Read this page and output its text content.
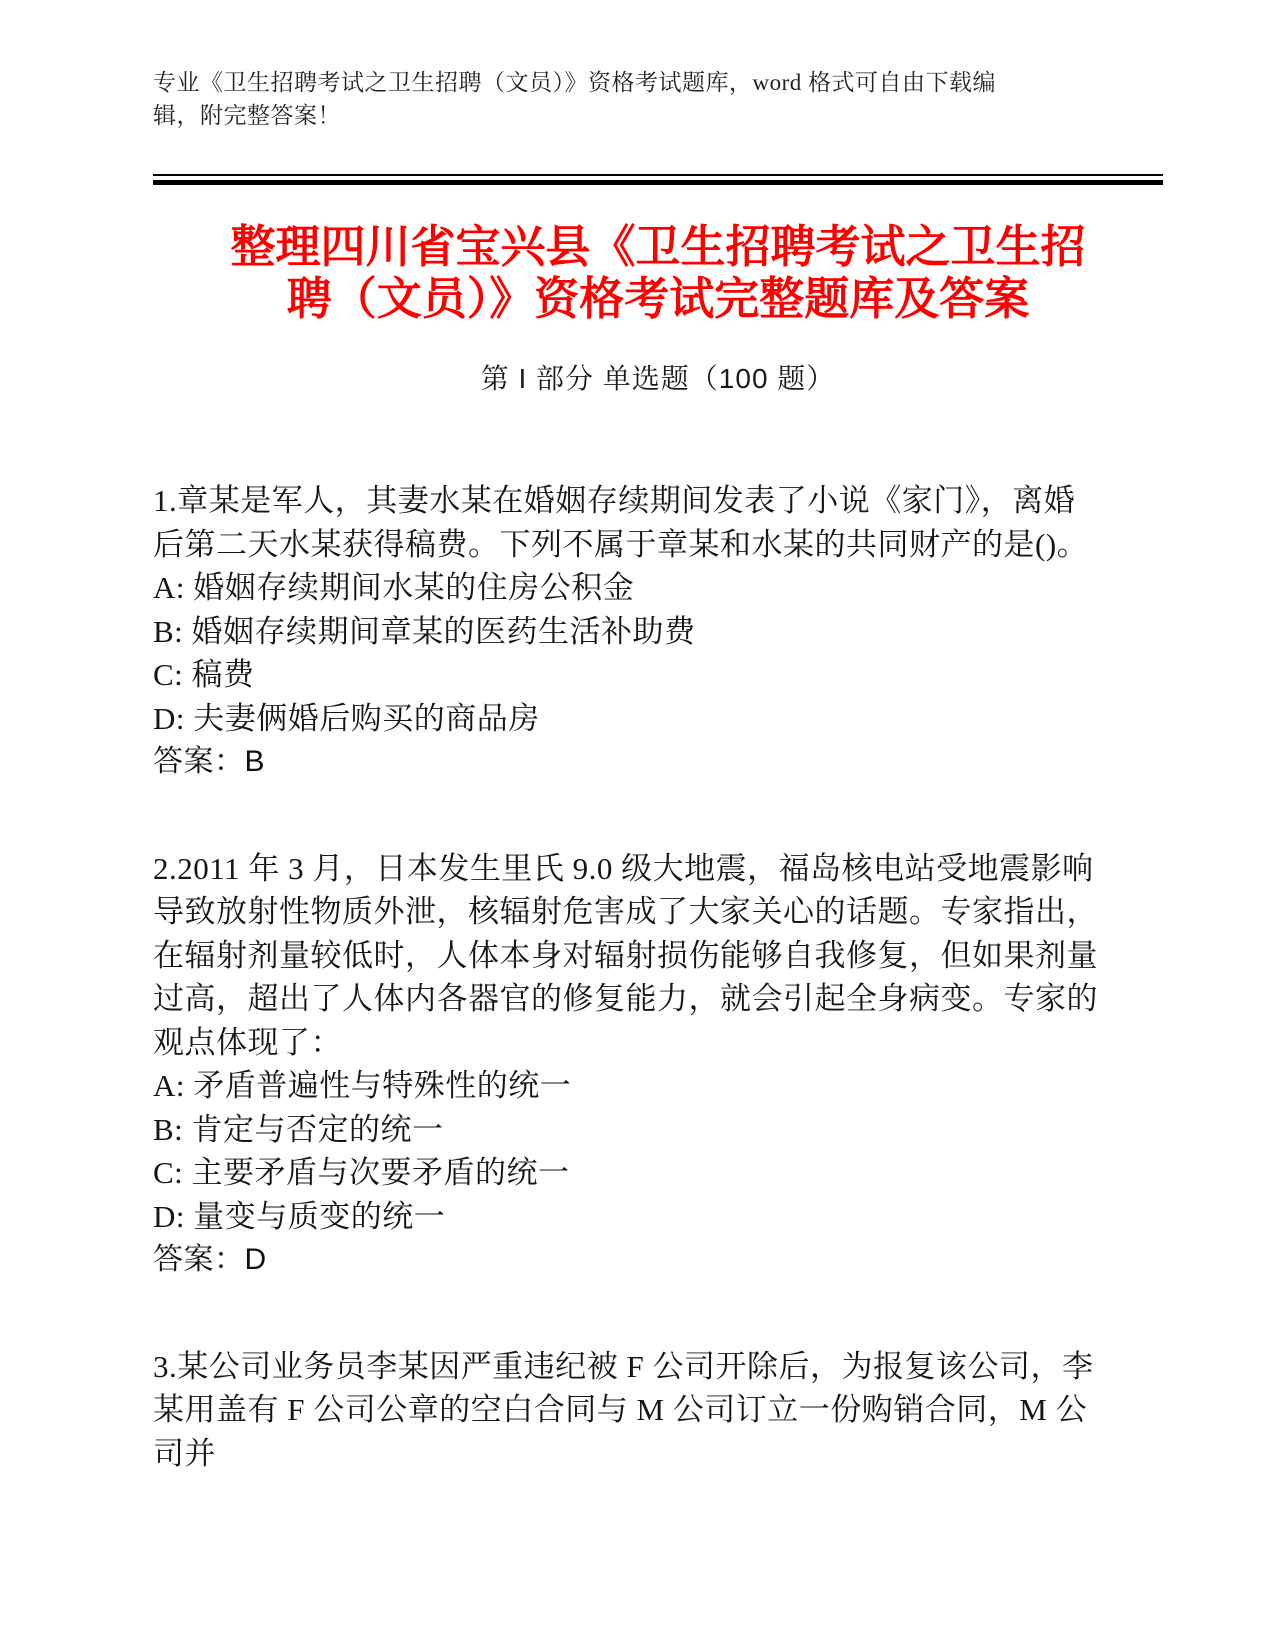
专业《卫生招聘考试之卫生招聘（文员）》资格考试题库，word 格式可自由下载编辑，附完整答案！
整理四川省宝兴县《卫生招聘考试之卫生招聘（文员）》资格考试完整题库及答案
第 I 部分 单选题（100 题）

1.章某是军人，其妻水某在婚姻存续期间发表了小说《家门》，离婚后第二天水某获得稿费。下列不属于章某和水某的共同财产的是()。

A: 婚姻存续期间水某的住房公积金
B: 婚姻存续期间章某的医药生活补助费
C: 稿费
D: 夫妻俩婚后购买的商品房
答案：B

2.2011 年 3 月，日本发生里氏 9.0 级大地震，福岛核电站受地震影响导致放射性物质外泄，核辐射危害成了大家关心的话题。专家指出，在辐射剂量较低时，人体本身对辐射损伤能够自我修复，但如果剂量过高，超出了人体内各器官的修复能力，就会引起全身病变。专家的观点体现了：

A: 矛盾普遍性与特殊性的统一
B: 肯定与否定的统一
C: 主要矛盾与次要矛盾的统一
D: 量变与质变的统一
答案：D

3.某公司业务员李某因严重违纪被 F 公司开除后，为报复该公司，李某用盖有 F 公司公章的空白合同与 M 公司订立一份购销合同，M 公司并
